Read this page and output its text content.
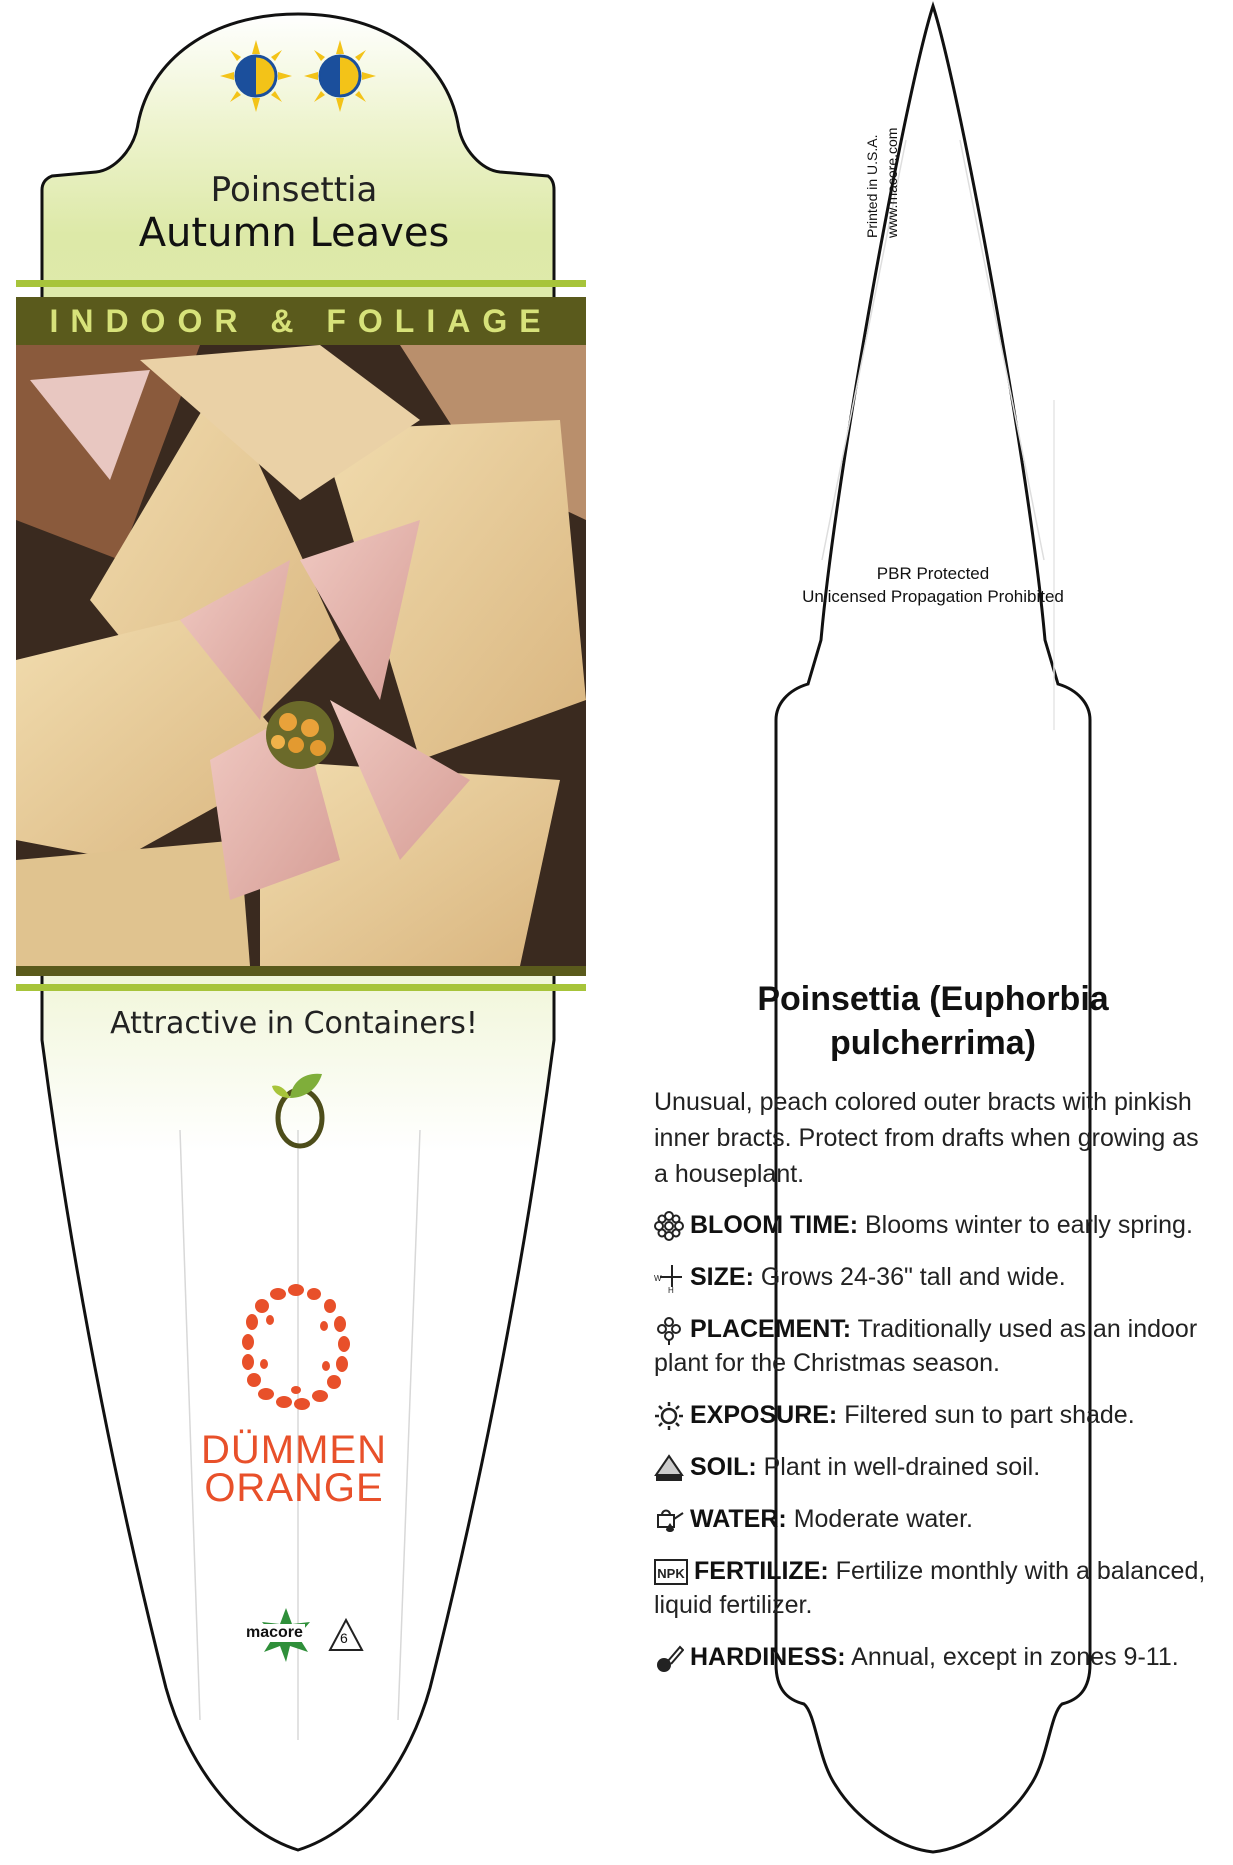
Poinsettia
Autumn Leaves
INDOOR & FOLIAGE
Attractive in Containers!
DÜMMEN
ORANGE
macore	6
Printed in U.S.A. www.macore.com
PBR Protected
Unlicensed Propagation Prohibited
Poinsettia (Euphorbia
pulcherrima)
Unusual, peach colored outer bracts with pinkish inner bracts. Protect from drafts when growing as a houseplant.
BLOOM TIME: Blooms winter to early spring.
W
H SIZE: Grows 24-36" tall and wide.
PLACEMENT: Traditionally used as an indoor plant for the Christmas season.
EXPOSURE: Filtered sun to part shade.
SOIL: Plant in well-drained soil.
WATER: Moderate water.
NPK FERTILIZE: Fertilize monthly with a balanced, liquid fertilizer.
HARDINESS: Annual, except in zones 9-11.
